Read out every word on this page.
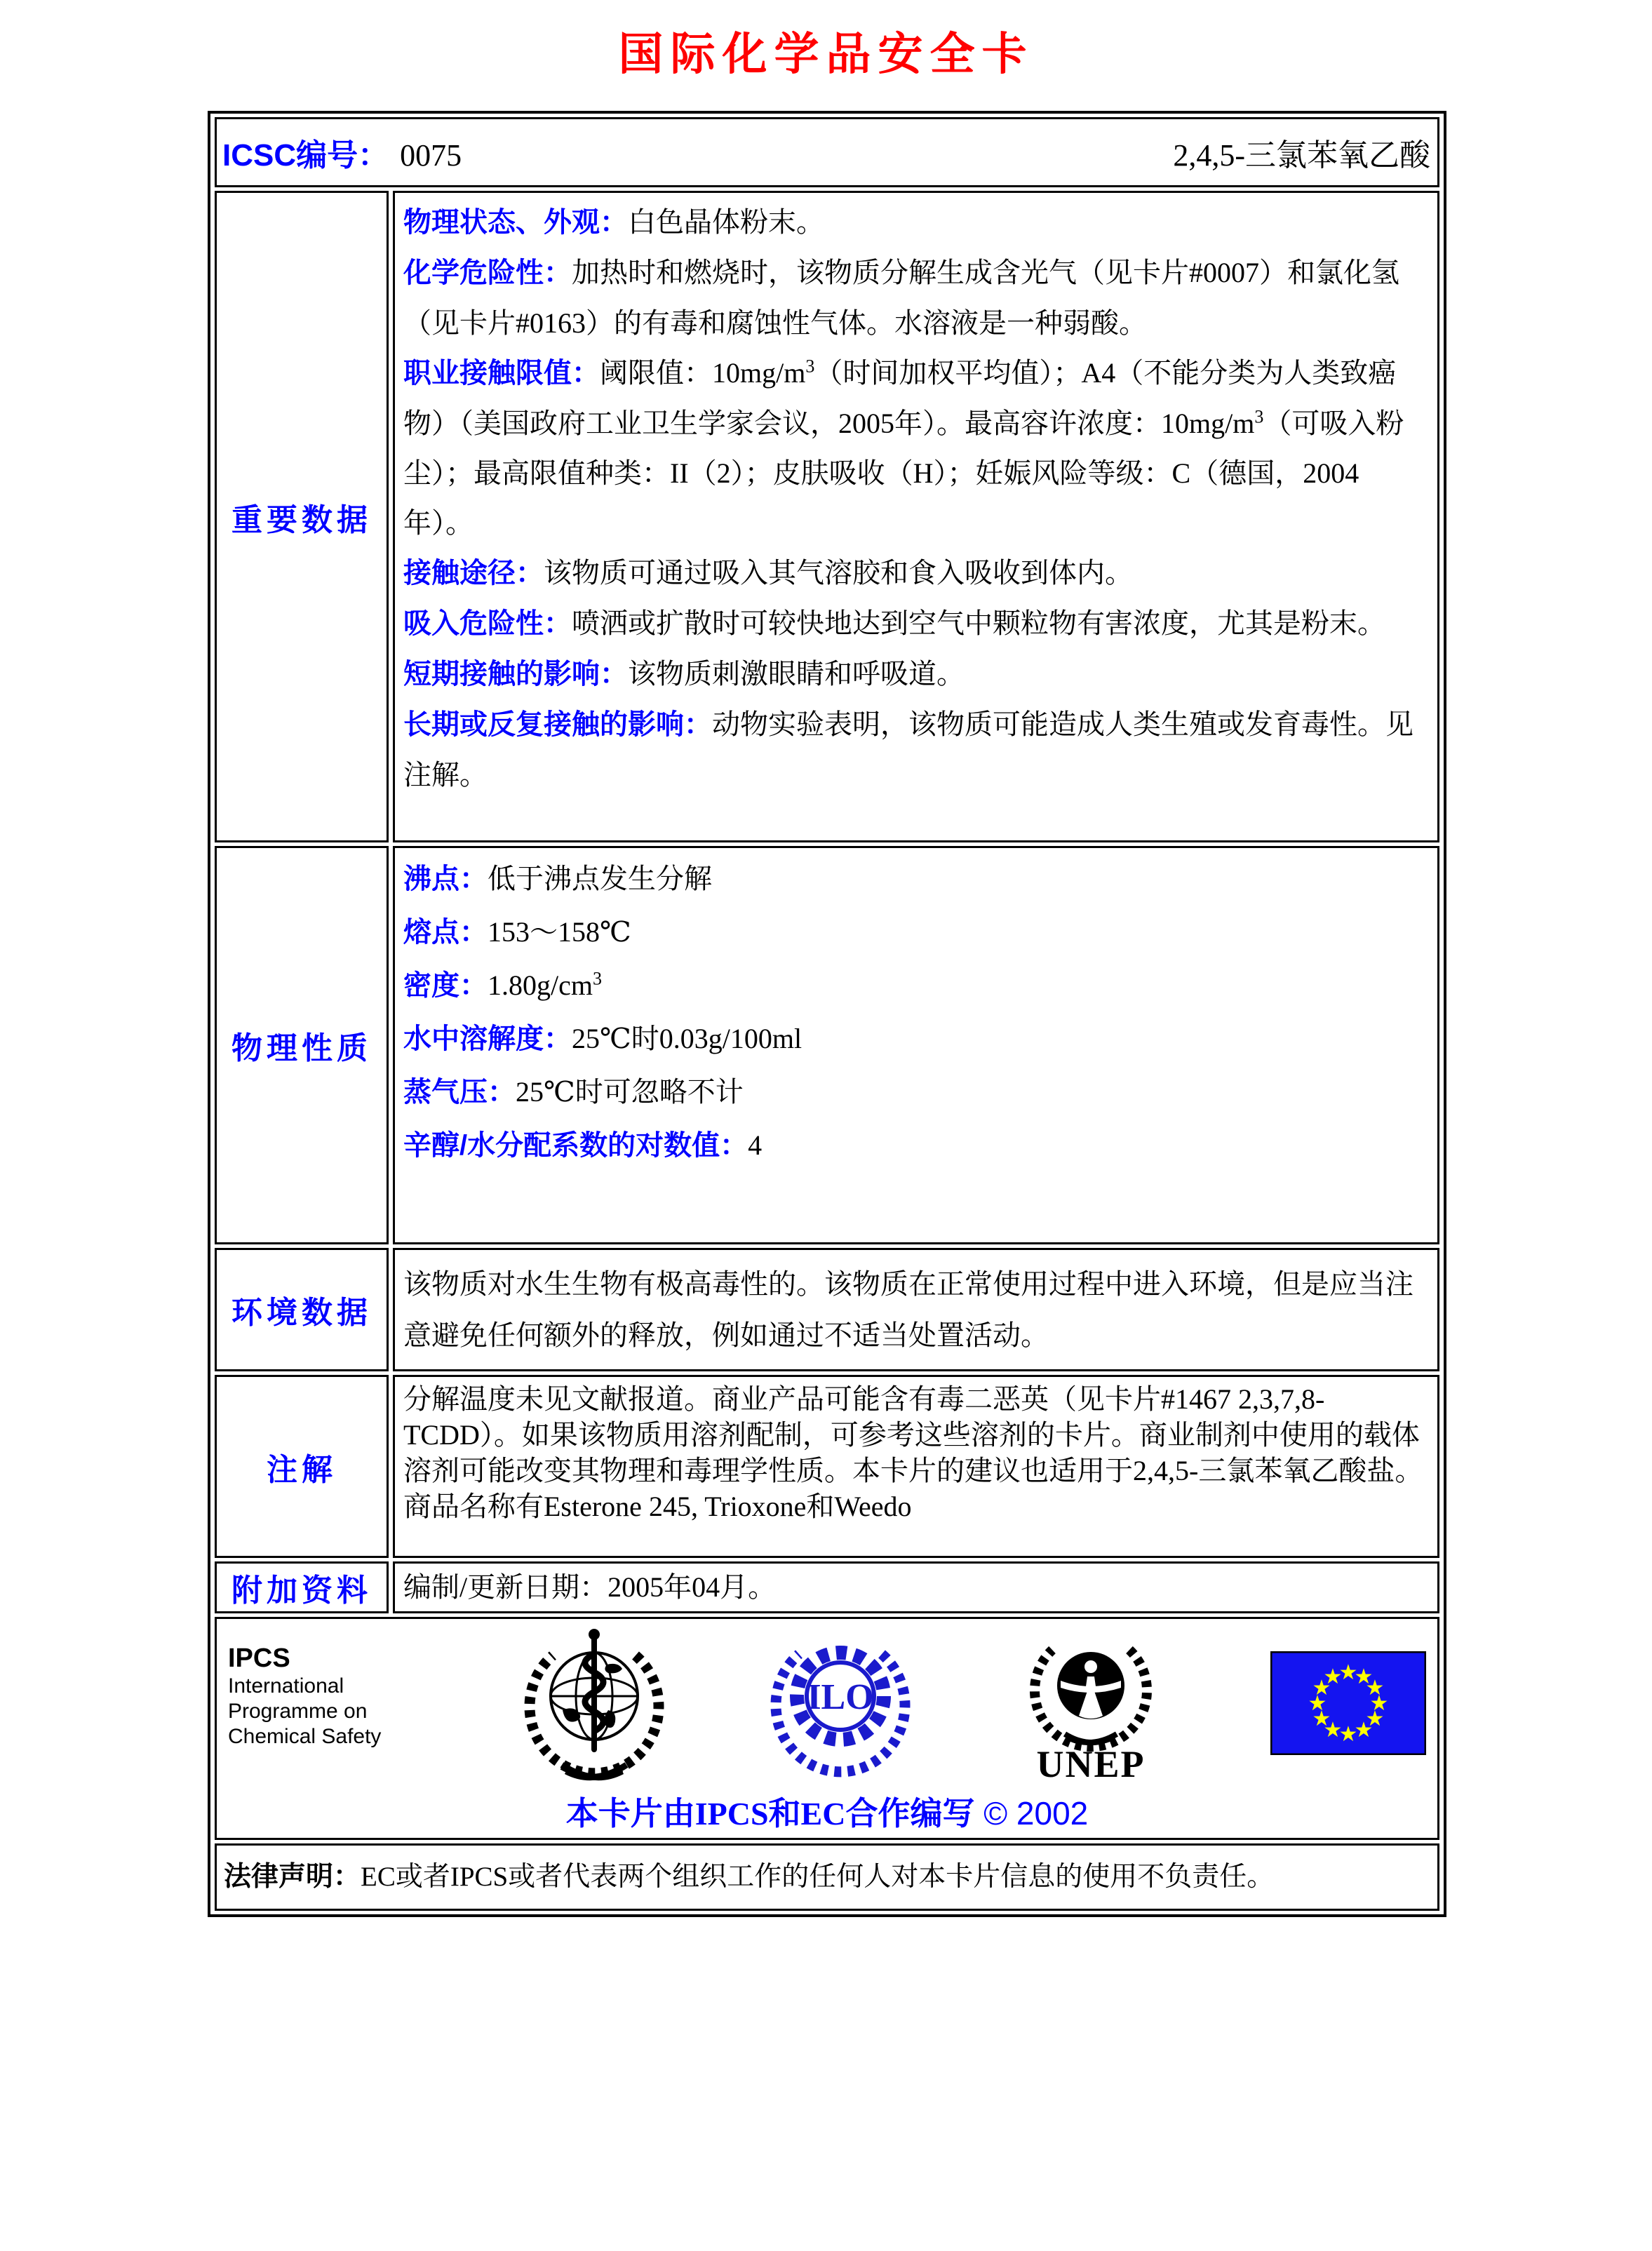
国际化学品安全卡
ICSC编号： 0075	2,4,5-三氯苯氧乙酸
重要数据

物理状态、外观：白色晶体粉末。

化学危险性：加热时和燃烧时，该物质分解生成含光气（见卡片#0007）和氯化氢（见卡片#0163）的有毒和腐蚀性气体。水溶液是一种弱酸。

职业接触限值：阈限值：$10mg/m^3$（时间加权平均值）；A4（不能分类为人类致癌物）（美国政府工业卫生学家会议，2005年）。最高容许浓度：$10mg/m^3$（可吸入粉尘）；最高限值种类：II（2）；皮肤吸收（H）；妊娠风险等级：C（德国，2004年）。

接触途径：该物质可通过吸入其气溶胶和食入吸收到体内。

吸入危险性：喷洒或扩散时可较快地达到空气中颗粒物有害浓度，尤其是粉末。

短期接触的影响：该物质刺激眼睛和呼吸道。

长期或反复接触的影响：动物实验表明，该物质可能造成人类生殖或发育毒性。见注解。

物理性质

沸点：低于沸点发生分解

熔点：153～158℃

密度：$1.80g/cm^3$

水中溶解度：25℃时0.03g/100ml

蒸气压：25℃时可忽略不计

辛醇/水分配系数的对数值：4

环境数据

该物质对水生生物有极高毒性的。该物质在正常使用过程中进入环境，但是应当注意避免任何额外的释放，例如通过不适当处置活动。

注解

分解温度未见文献报道。商业产品可能含有毒二恶英（见卡片#1467 2,3,7,8-TCDD）。如果该物质用溶剂配制，可参考这些溶剂的卡片。商业制剂中使用的载体溶剂可能改变其物理和毒理学性质。本卡片的建议也适用于2,4,5-三氯苯氧乙酸盐。商品名称有Esterone 245, Trioxone和Weedo

附加资料	编制/更新日期：2005年04月。

IPCS
International
Programme on
Chemical Safety
ILO
UNEP
★
★
★
★
★
★
★
★
★
★
★
★
本卡片由IPCS和EC合作编写 © 2002

法律声明：EC或者IPCS或者代表两个组织工作的任何人对本卡片信息的使用不负责任。
